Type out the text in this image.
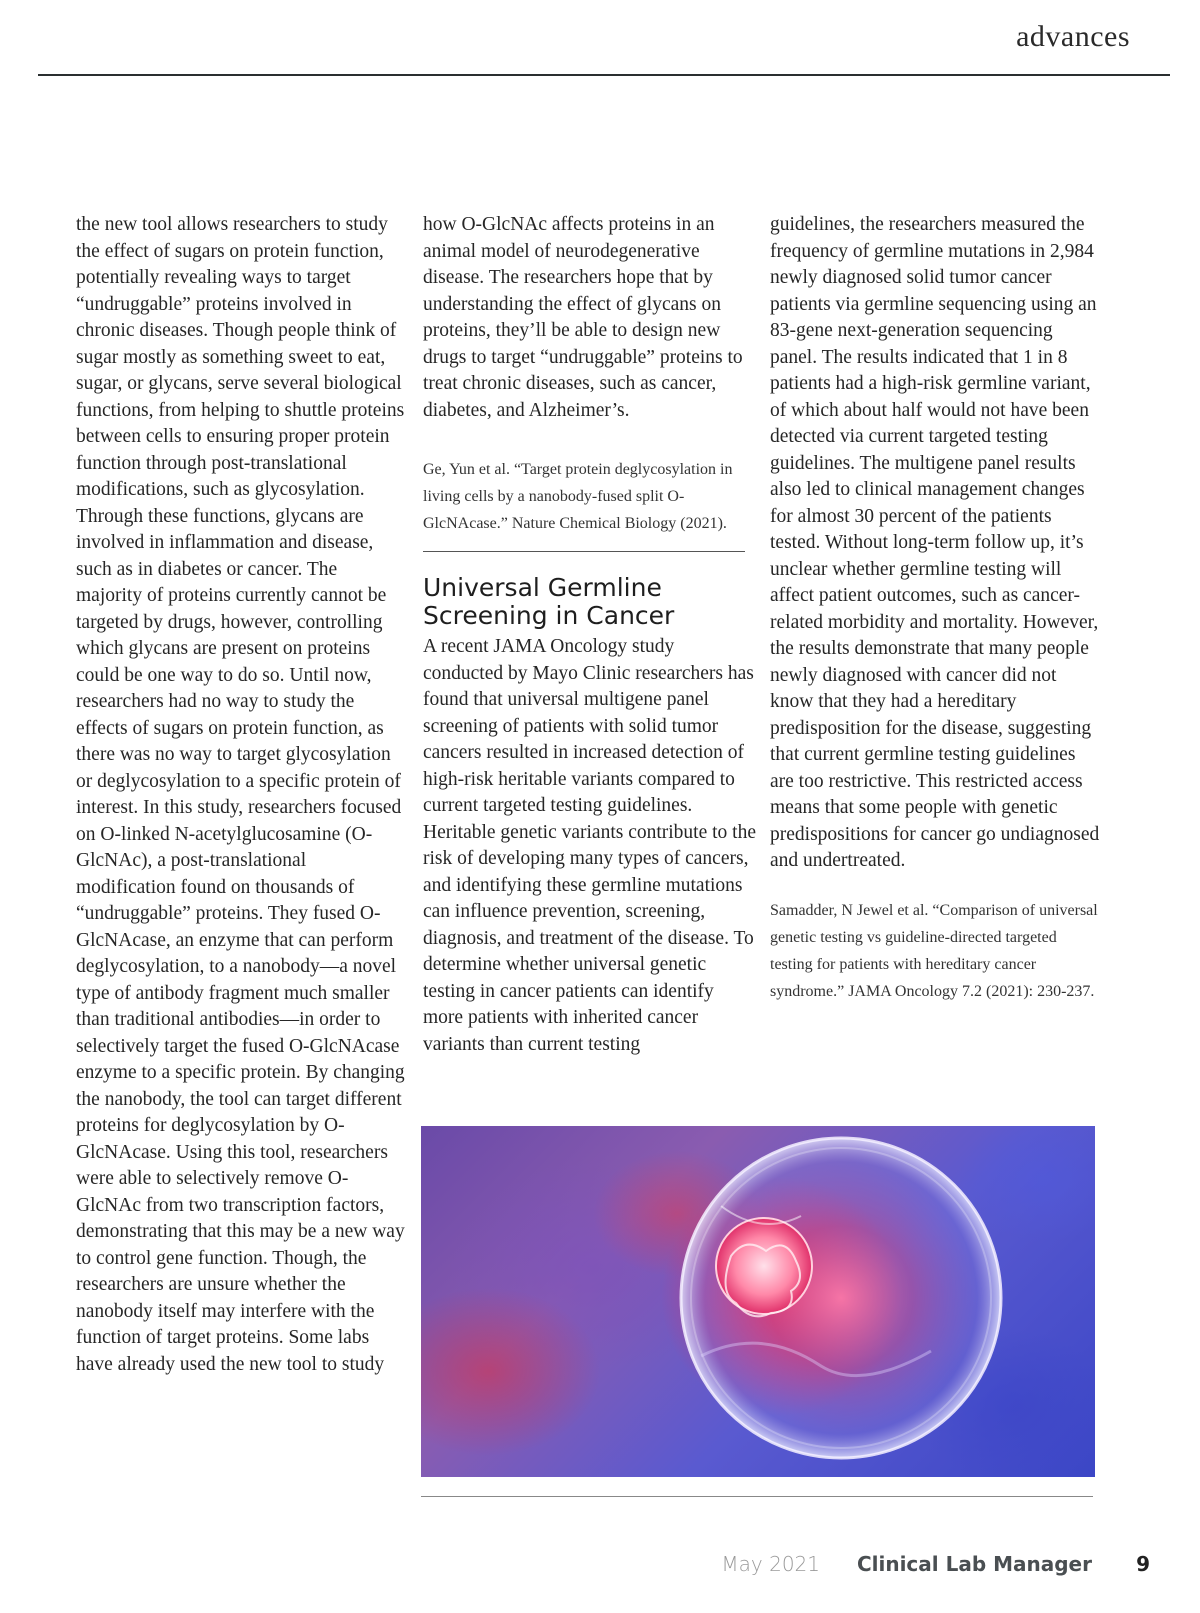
advances

the new tool allows researchers to study the effect of sugars on protein function, potentially revealing ways to target “undruggable” proteins involved in chronic diseases. Though people think of sugar mostly as something sweet to eat, sugar, or glycans, serve several biological functions, from helping to shuttle proteins between cells to ensuring proper protein function through post-translational modifications, such as glycosylation. Through these functions, glycans are involved in inflammation and disease, such as in diabetes or cancer. The majority of proteins currently cannot be targeted by drugs, however, controlling which glycans are present on proteins could be one way to do so. Until now, researchers had no way to study the effects of sugars on protein function, as there was no way to target glycosylation or deglycosylation to a specific protein of interest. In this study, researchers focused on O-linked N-acetylglucosamine (O-GlcNAc), a post-translational modification found on thousands of “undruggable” proteins. They fused O-GlcNAcase, an enzyme that can perform deglycosylation, to a nanobody—a novel type of antibody fragment much smaller than traditional antibodies—in order to selectively target the fused O-GlcNAcase enzyme to a specific protein. By changing the nanobody, the tool can target different proteins for deglycosylation by O-GlcNAcase. Using this tool, researchers were able to selectively remove O-GlcNAc from two transcription factors, demonstrating that this may be a new way to control gene function. Though, the researchers are unsure whether the nanobody itself may interfere with the function of target proteins. Some labs have already used the new tool to study

how O-GlcNAc affects proteins in an animal model of neurodegenerative disease. The researchers hope that by understanding the effect of glycans on proteins, they’ll be able to design new drugs to target “undruggable” proteins to treat chronic diseases, such as cancer, diabetes, and Alzheimer’s.

Ge, Yun et al. “Target protein deglycosylation in living cells by a nanobody-fused split O-GlcNAcase.” Nature Chemical Biology (2021).

Universal Germline Screening in Cancer

A recent JAMA Oncology study conducted by Mayo Clinic researchers has found that universal multigene panel screening of patients with solid tumor cancers resulted in increased detection of high-risk heritable variants compared to current targeted testing guidelines. Heritable genetic variants contribute to the risk of developing many types of cancers, and identifying these germline mutations can influence prevention, screening, diagnosis, and treatment of the disease. To determine whether universal genetic testing in cancer patients can identify more patients with inherited cancer variants than current testing

guidelines, the researchers measured the frequency of germline mutations in 2,984 newly diagnosed solid tumor cancer patients via germline sequencing using an 83-gene next-generation sequencing panel. The results indicated that 1 in 8 patients had a high-risk germline variant, of which about half would not have been detected via current targeted testing guidelines. The multigene panel results also led to clinical management changes for almost 30 percent of the patients tested. Without long-term follow up, it’s unclear whether germline testing will affect patient outcomes, such as cancer-related morbidity and mortality. However, the results demonstrate that many people newly diagnosed with cancer did not know that they had a hereditary predisposition for the disease, suggesting that current germline testing guidelines are too restrictive. This restricted access means that some people with genetic predispositions for cancer go undiagnosed and undertreated.

Samadder, N Jewel et al. “Comparison of universal genetic testing vs guideline-directed targeted testing for patients with hereditary cancer syndrome.” JAMA Oncology 7.2 (2021): 230-237.

May 2021 Clinical Lab Manager 9
